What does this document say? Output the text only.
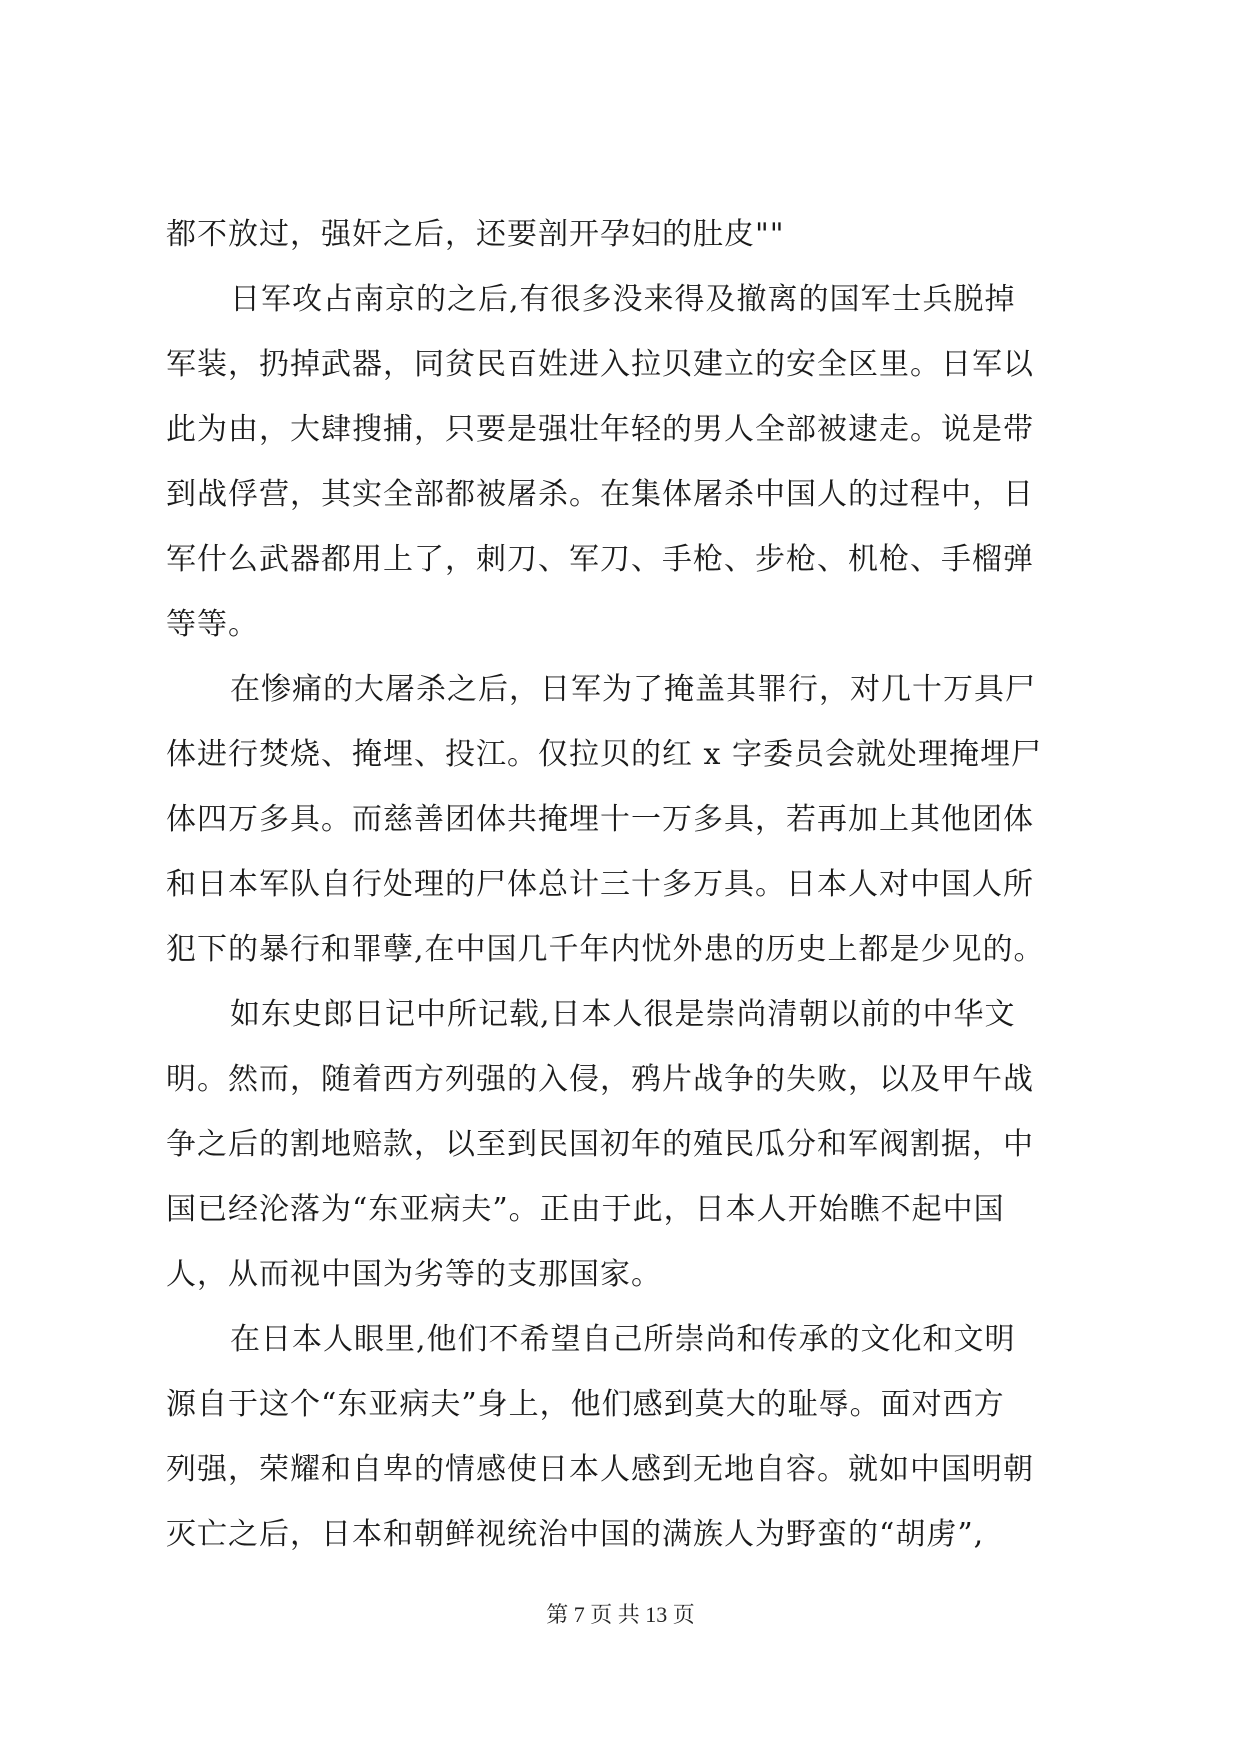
都不放过，强奸之后，还要剖开孕妇的肚皮""
日军攻占南京的之后,有很多没来得及撤离的国军士兵脱掉
军装，扔掉武器，同贫民百姓进入拉贝建立的安全区里。日军以
此为由，大肆搜捕，只要是强壮年轻的男人全部被逮走。说是带
到战俘营，其实全部都被屠杀。在集体屠杀中国人的过程中，日
军什么武器都用上了，刺刀、军刀、手枪、步枪、机枪、手榴弹
等等。
在惨痛的大屠杀之后，日军为了掩盖其罪行，对几十万具尸
体进行焚烧、掩埋、投江。仅拉贝的红 x 字委员会就处理掩埋尸
体四万多具。而慈善团体共掩埋十一万多具，若再加上其他团体
和日本军队自行处理的尸体总计三十多万具。日本人对中国人所
犯下的暴行和罪孽,在中国几千年内忧外患的历史上都是少见的。
如东史郎日记中所记载,日本人很是崇尚清朝以前的中华文
明。然而，随着西方列强的入侵，鸦片战争的失败，以及甲午战
争之后的割地赔款，以至到民国初年的殖民瓜分和军阀割据，中
国已经沦落为“东亚病夫”。正由于此，日本人开始瞧不起中国
人，从而视中国为劣等的支那国家。
在日本人眼里,他们不希望自己所崇尚和传承的文化和文明
源自于这个“东亚病夫”身上，他们感到莫大的耻辱。面对西方
列强，荣耀和自卑的情感使日本人感到无地自容。就如中国明朝
灭亡之后，日本和朝鲜视统治中国的满族人为野蛮的“胡虏”,
第 7 页 共 13 页
